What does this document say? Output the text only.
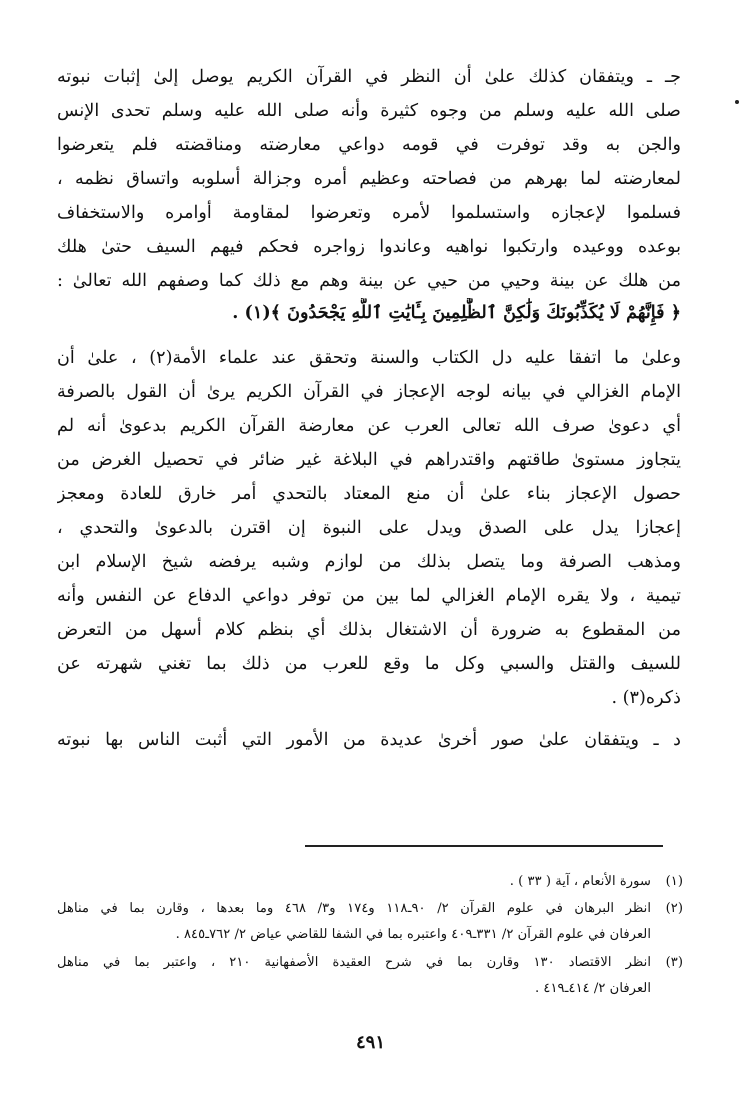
جـ ـ ويتفقان كذلك علىٰ أن النظر في القرآن الكريم يوصل إلىٰ إثبات نبوته
صلى الله عليه وسلم من وجوه كثيرة وأنه صلى الله عليه وسلم تحدى الإنس
والجن به وقد توفرت في قومه دواعي معارضته ومناقضته فلم يتعرضوا
لمعارضته لما بهرهم من فصاحته وعظيم أمره وجزالة أسلوبه واتساق نظمه ،
فسلموا لإعجازه واستسلموا لأمره وتعرضوا لمقاومة أوامره والاستخفاف
بوعده ووعيده وارتكبوا نواهيه وعاندوا زواجره فحكم فيهم السيف حتىٰ هلك
من هلك عن بينة وحيي من حيي عن بينة وهم مع ذلك كما وصفهم الله تعالىٰ :
﴿ فَإِنَّهُمْ لَا يُكَذِّبُونَكَ وَلَٰكِنَّ ٱلظَّٰلِمِينَ بِـَٔايَٰتِ ٱللَّهِ يَجْحَدُونَ ﴾(١) .
وعلىٰ ما اتفقا عليه دل الكتاب والسنة وتحقق عند علماء الأمة(٢) ، علىٰ أن
الإمام الغزالي في بيانه لوجه الإعجاز في القرآن الكريم يرىٰ أن القول بالصرفة
أي دعوىٰ صرف الله تعالى العرب عن معارضة القرآن الكريم بدعوىٰ أنه لم
يتجاوز مستوىٰ طاقتهم واقتدراهم في البلاغة غير ضائر في تحصيل الغرض من
حصول الإعجاز بناء علىٰ أن منع المعتاد بالتحدي أمر خارق للعادة ومعجز
إعجازا يدل على الصدق ويدل على النبوة إن اقترن بالدعوىٰ والتحدي ،
ومذهب الصرفة وما يتصل بذلك من لوازم وشبه يرفضه شيخ الإسلام ابن
تيمية ، ولا يقره الإمام الغزالي لما بين من توفر دواعي الدفاع عن النفس وأنه
من المقطوع به ضرورة أن الاشتغال بذلك أي بنظم كلام أسهل من التعرض
للسيف والقتل والسبي وكل ما وقع للعرب من ذلك بما تغني شهرته عن
ذكره(٣) .
د ـ ويتفقان علىٰ صور أخرىٰ عديدة من الأمور التي أثبت الناس بها نبوته
(١)سورة الأنعام ، آية ( ٣٣ ) .
(٢)انظر البرهان في علوم القرآن ٢/ ٩٠ـ١١٨ و١٧٤ و٣/ ٤٦٨ وما بعدها ، وقارن بما في مناهل
العرفان في علوم القرآن ٢/ ٣٣١ـ٤٠٩ واعتبره بما في الشفا للقاضي عياض ٢/ ٧٦٢ـ٨٤٥ .
(٣)انظر الاقتصاد ١٣٠ وقارن بما في شرح العقيدة الأصفهانية ٢١٠ ، واعتبر بما في مناهل
العرفان ٢/ ٤١٤ـ٤١٩ .
٤٩١
